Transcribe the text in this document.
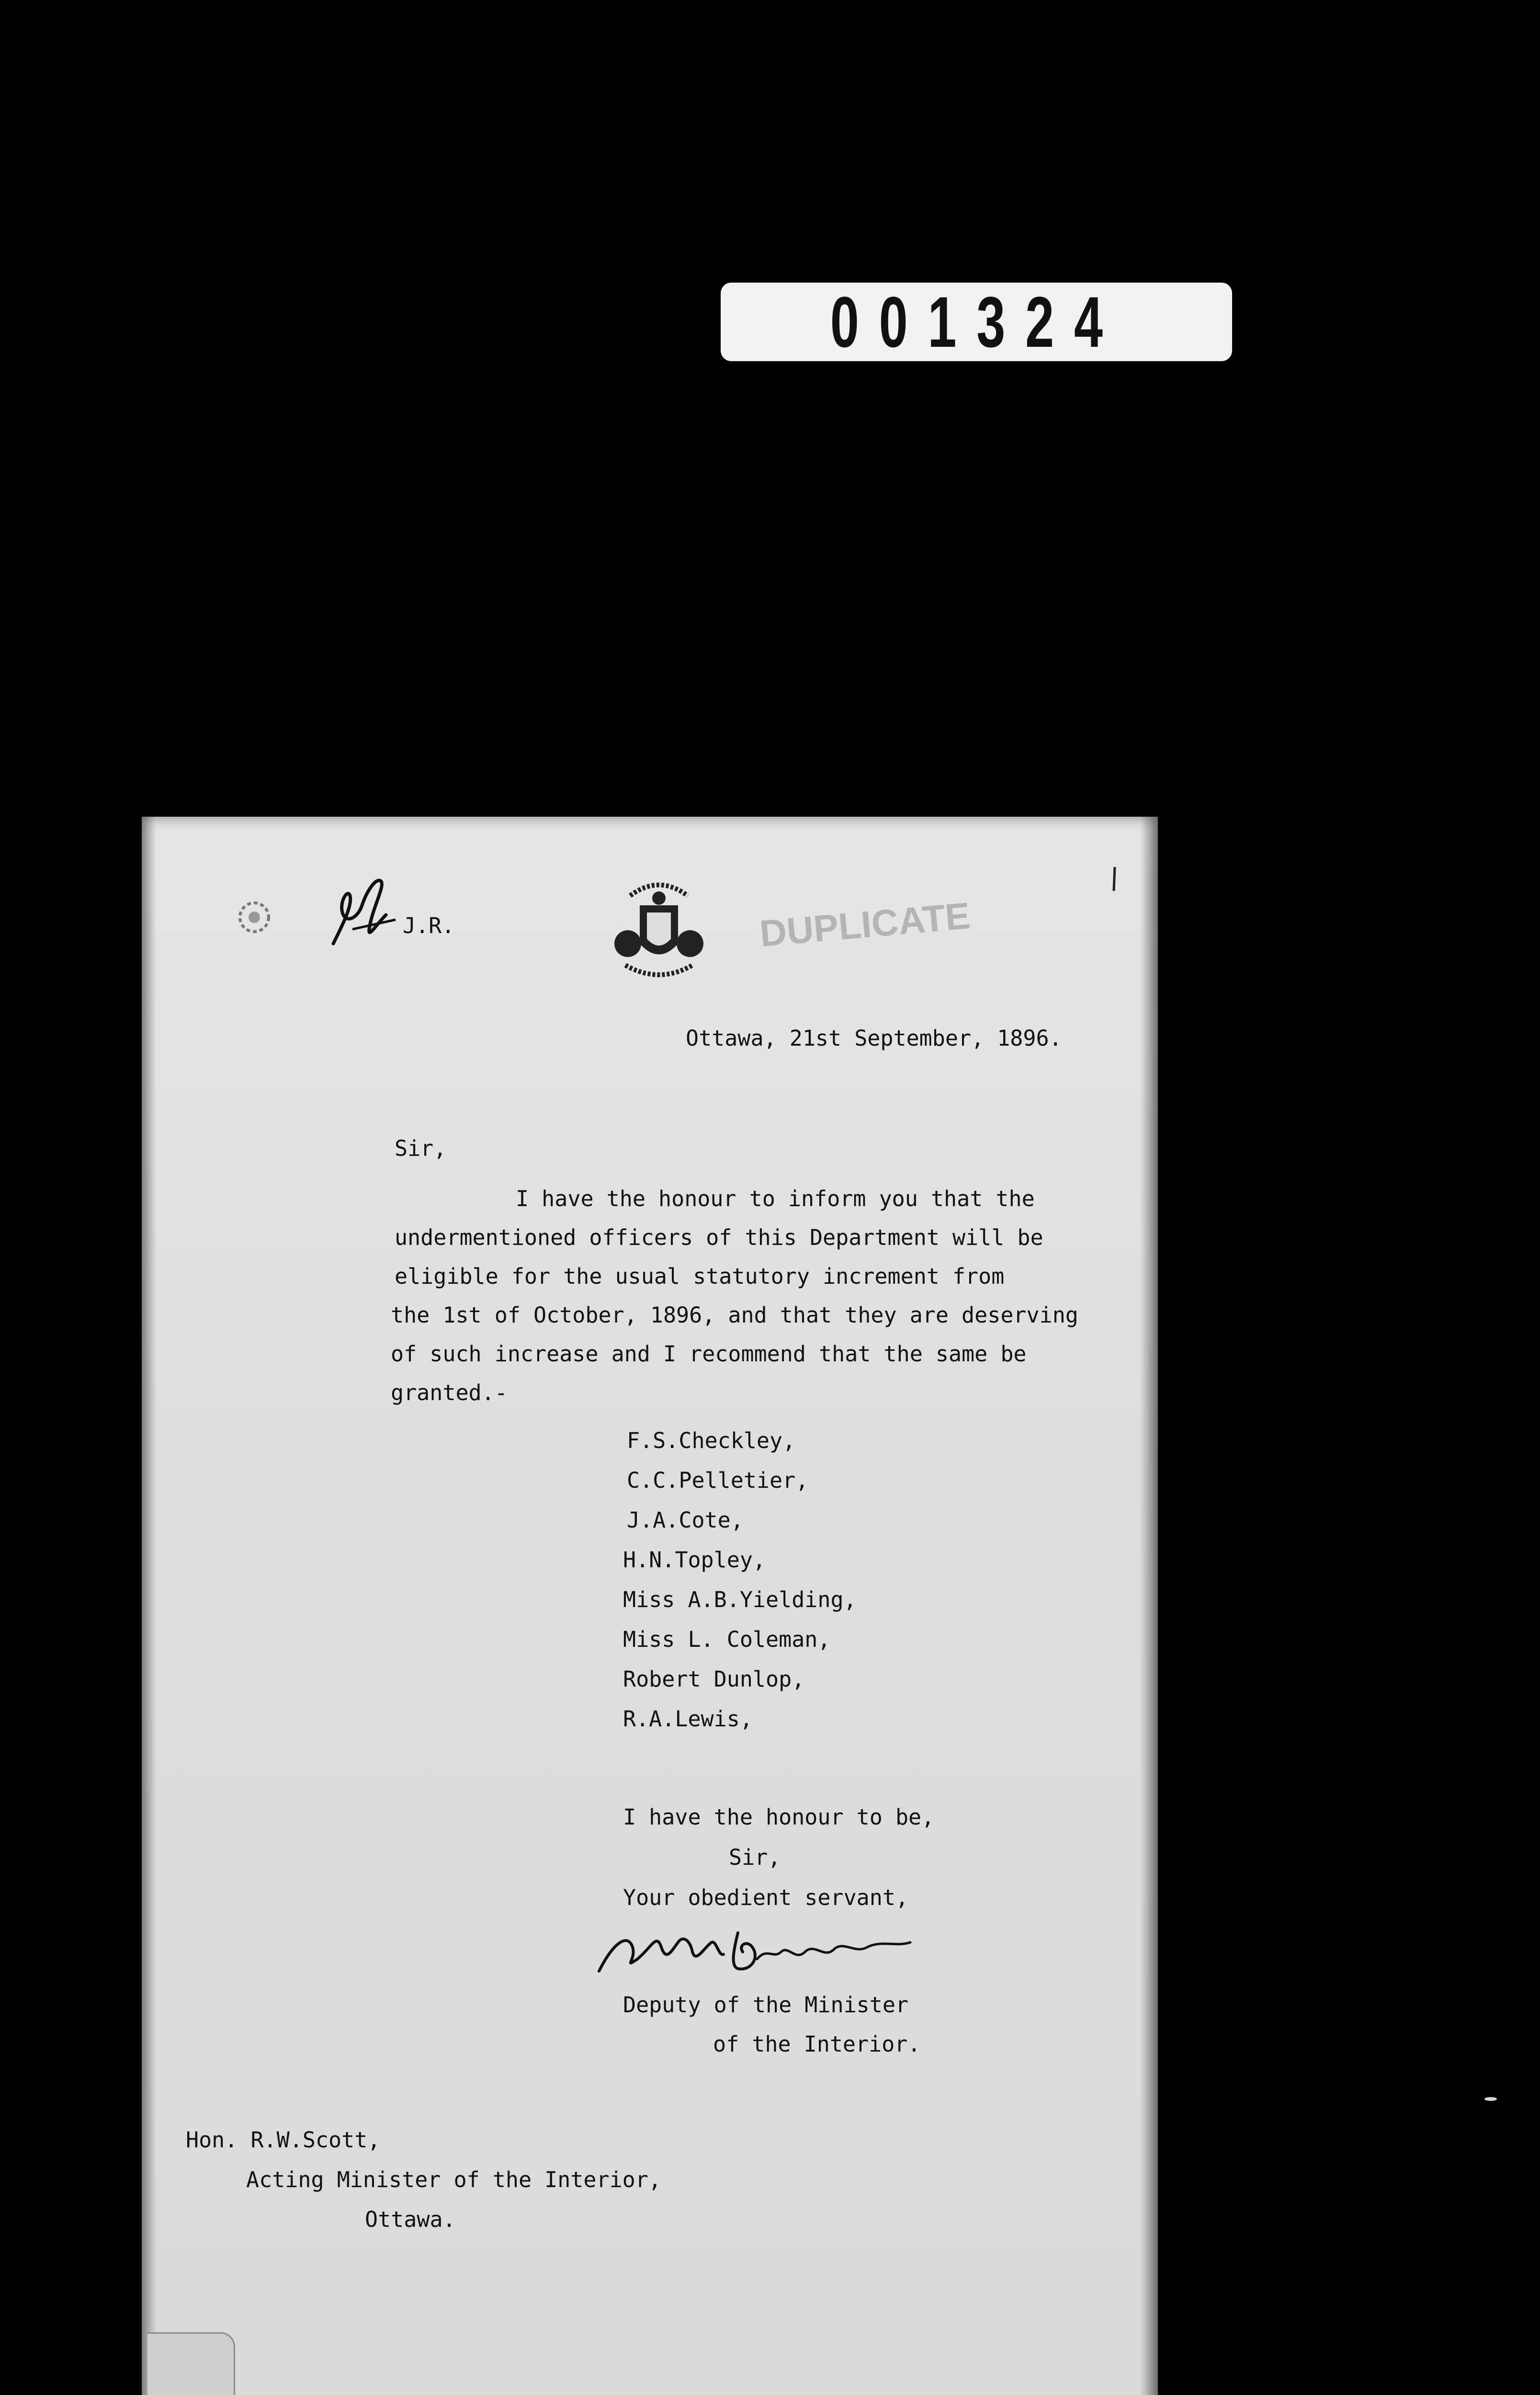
001324
J.R.	DUPLICATE
Ottawa, 21st September, 1896.
Sir,
I have the honour to inform you that the
undermentioned officers of this Department will be
eligible for the usual statutory increment from
the 1st of October, 1896, and that they are deserving
of such increase and I recommend that the same be
granted.-
F.S.Checkley,
C.C.Pelletier,
J.A.Cote,
H.N.Topley,
Miss A.B.Yielding,
Miss L. Coleman,
Robert Dunlop,
R.A.Lewis,
I have the honour to be,
Sir,
Your obedient servant,
Deputy of the Minister
of the Interior.
Hon. R.W.Scott,
Acting Minister of the Interior,
Ottawa.
